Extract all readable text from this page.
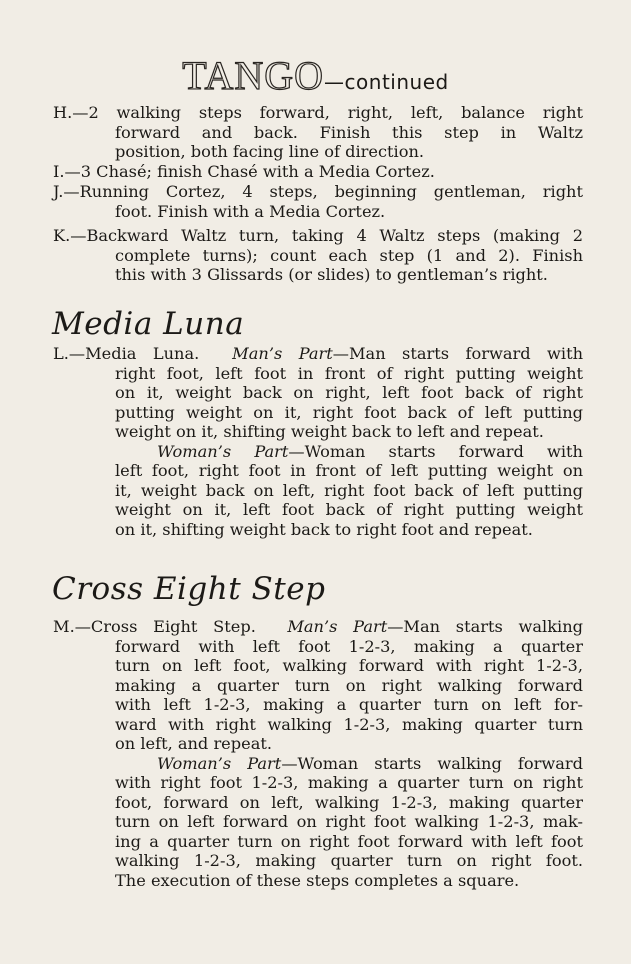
TANGO—continued
H.—2 walking steps forward, right, left, balance right
forward and back. Finish this step in Waltz
position, both facing line of direction.
I.—3 Chasé; finish Chasé with a Media Cortez.
J.—Running Cortez, 4 steps, beginning gentleman, right
foot. Finish with a Media Cortez.
K.—Backward Waltz turn, taking 4 Waltz steps (making 2
complete turns); count each step (1 and 2). Finish
this with 3 Glissards (or slides) to gentleman’s right.
Media Luna
L.—Media Luna. Man’s Part—Man starts forward with
right foot, left foot in front of right putting weight
on it, weight back on right, left foot back of right
putting weight on it, right foot back of left putting
weight on it, shifting weight back to left and repeat.
Woman’s Part—Woman starts forward with
left foot, right foot in front of left putting weight on
it, weight back on left, right foot back of left putting
weight on it, left foot back of right putting weight
on it, shifting weight back to right foot and repeat.
Cross Eight Step
M.—Cross Eight Step. Man’s Part—Man starts walking
forward with left foot 1-2-3, making a quarter
turn on left foot, walking forward with right 1-2-3,
making a quarter turn on right walking forward
with left 1-2-3, making a quarter turn on left for-
ward with right walking 1-2-3, making quarter turn
on left, and repeat.
Woman’s Part—Woman starts walking forward
with right foot 1-2-3, making a quarter turn on right
foot, forward on left, walking 1-2-3, making quarter
turn on left forward on right foot walking 1-2-3, mak-
ing a quarter turn on right foot forward with left foot
walking 1-2-3, making quarter turn on right foot.
The execution of these steps completes a square.
